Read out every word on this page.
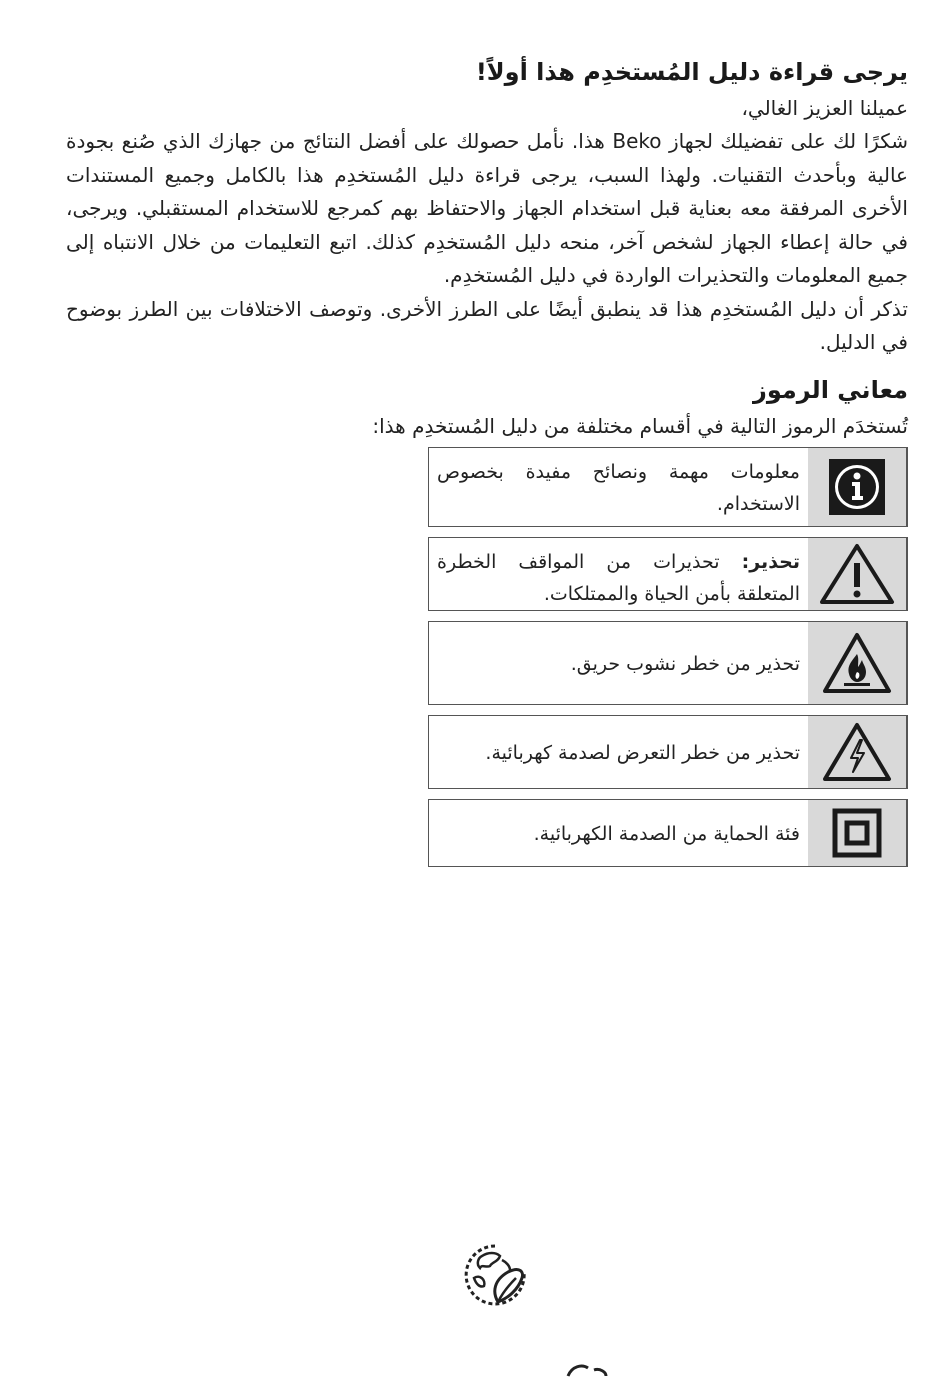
يرجى قراءة دليل المُستخدِم هذا أولاً!

عميلنا العزيز الغالي،

شكرًا لك على تفضيلك لجهاز Beko هذا. نأمل حصولك على أفضل النتائج من جهازك الذي صُنع بجودة عالية وبأحدث التقنيات. ولهذا السبب، يرجى قراءة دليل المُستخدِم هذا بالكامل وجميع المستندات الأخرى المرفقة معه بعناية قبل استخدام الجهاز والاحتفاظ بهم كمرجع للاستخدام المستقبلي. ويرجى، في حالة إعطاء الجهاز لشخص آخر، منحه دليل المُستخدِم كذلك. اتبع التعليمات من خلال الانتباه إلى جميع المعلومات والتحذيرات الواردة في دليل المُستخدِم.

تذكر أن دليل المُستخدِم هذا قد ينطبق أيضًا على الطرز الأخرى. وتوصف الاختلافات بين الطرز بوضوح في الدليل.

معاني الرموز

تُستخدَم الرموز التالية في أقسام مختلفة من دليل المُستخدِم هذا:

معلومات مهمة ونصائح مفيدة بخصوص الاستخدام.
تحذير: تحذيرات من المواقف الخطرة المتعلقة بأمن الحياة والممتلكات.
تحذير من خطر نشوب حريق.
تحذير من خطر التعرض لصدمة كهربائية.
فئة الحماية من الصدمة الكهربائية.
